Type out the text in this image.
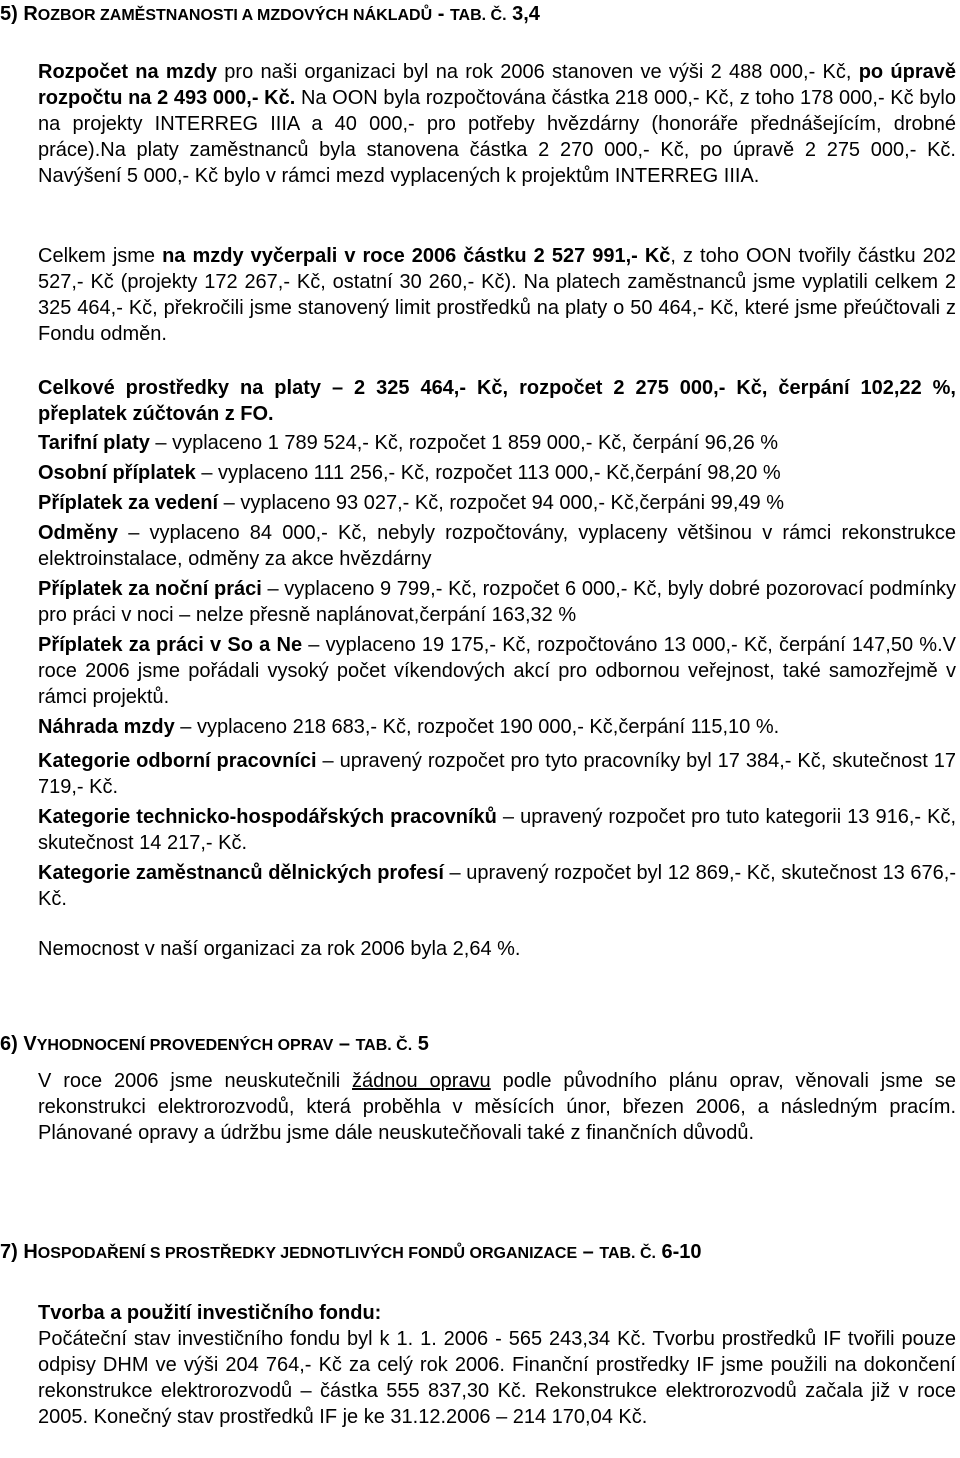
5) ROZBOR ZAMĚSTNANOSTI A MZDOVÝCH NÁKLADŮ - TAB. Č. 3,4

Rozpočet na mzdy pro naši organizaci byl na rok 2006 stanoven ve výši 2 488 000,- Kč, po úpravě rozpočtu na 2 493 000,- Kč. Na OON byla rozpočtována částka 218 000,- Kč, z toho 178 000,- Kč bylo na projekty INTERREG IIIA a 40 000,- pro potřeby hvězdárny (honoráře přednášejícím, drobné práce).Na platy zaměstnanců byla stanovena částka 2 270 000,- Kč, po úpravě 2 275 000,- Kč. Navýšení 5 000,- Kč bylo v rámci mezd vyplacených k projektům INTERREG IIIA.

Celkem jsme na mzdy vyčerpali v roce 2006 částku 2 527 991,- Kč, z toho OON tvořily částku 202 527,- Kč (projekty 172 267,- Kč, ostatní 30 260,- Kč). Na platech zaměstnanců jsme vyplatili celkem 2 325 464,- Kč, překročili jsme stanovený limit prostředků na platy o 50 464,- Kč, které jsme přeúčtovali z Fondu odměn.

Celkové prostředky na platy – 2 325 464,- Kč, rozpočet 2 275 000,- Kč, čerpání 102,22 %, přeplatek zúčtován z FO.

Tarifní platy – vyplaceno 1 789 524,- Kč, rozpočet 1 859 000,- Kč, čerpání 96,26 %

Osobní příplatek – vyplaceno 111 256,- Kč, rozpočet 113 000,- Kč,čerpání 98,20 %

Příplatek za vedení – vyplaceno 93 027,- Kč, rozpočet 94 000,- Kč,čerpáni 99,49 %

Odměny – vyplaceno 84 000,- Kč, nebyly rozpočtovány, vyplaceny většinou v rámci rekonstrukce elektroinstalace, odměny za akce hvězdárny

Příplatek za noční práci – vyplaceno 9 799,- Kč, rozpočet 6 000,- Kč, byly dobré pozorovací podmínky pro práci v noci – nelze přesně naplánovat,čerpání 163,32 %

Příplatek za práci v So a Ne – vyplaceno 19 175,- Kč, rozpočtováno 13 000,- Kč, čerpání 147,50 %.V roce 2006 jsme pořádali vysoký počet víkendových akcí pro odbornou veřejnost, také samozřejmě v rámci projektů.

Náhrada mzdy – vyplaceno 218 683,- Kč, rozpočet 190 000,- Kč,čerpání 115,10 %.

Kategorie odborní pracovníci – upravený rozpočet pro tyto pracovníky byl 17 384,- Kč, skutečnost 17 719,- Kč.

Kategorie technicko-hospodářských pracovníků – upravený rozpočet pro tuto kategorii 13 916,- Kč, skutečnost 14 217,- Kč.

Kategorie zaměstnanců dělnických profesí – upravený rozpočet byl 12 869,- Kč, skutečnost 13 676,- Kč.

Nemocnost v naší organizaci za rok 2006 byla 2,64 %.

6) VYHODNOCENÍ PROVEDENÝCH OPRAV – TAB. Č. 5

V roce 2006 jsme neuskutečnili žádnou opravu podle původního plánu oprav, věnovali jsme se rekonstrukci elektrorozvodů, která proběhla v měsících únor, březen 2006, a následným pracím. Plánované opravy a údržbu jsme dále neuskutečňovali také z finančních důvodů.

7) HOSPODAŘENÍ S PROSTŘEDKY JEDNOTLIVÝCH FONDŮ ORGANIZACE – TAB. Č. 6-10

Tvorba a použití investičního fondu:

Počáteční stav investičního fondu byl k 1. 1. 2006 - 565 243,34 Kč. Tvorbu prostředků IF tvořili pouze odpisy DHM ve výši 204 764,- Kč za celý rok 2006. Finanční prostředky IF jsme použili na dokončení rekonstrukce elektrorozvodů – částka 555 837,30 Kč. Rekonstrukce elektrorozvodů začala již v roce 2005. Konečný stav prostředků IF je ke 31.12.2006 – 214 170,04 Kč.
